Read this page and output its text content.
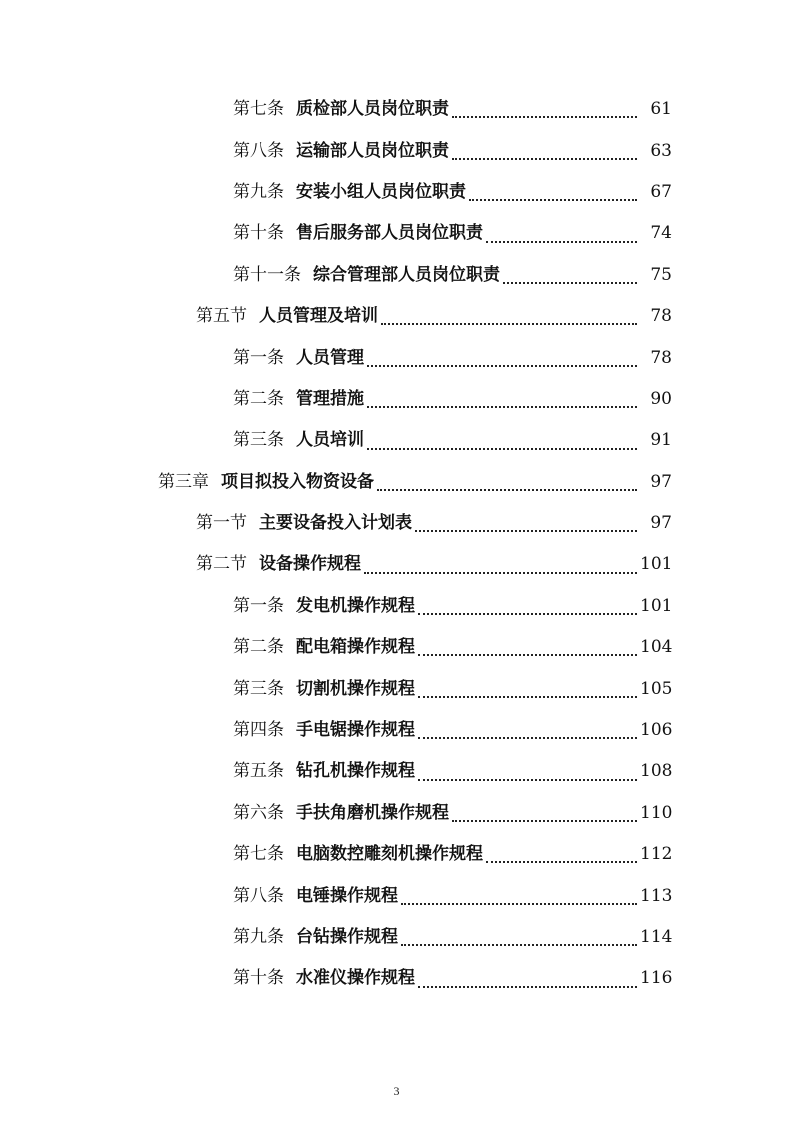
第七条 质检部人员岗位职责	61
第八条 运输部人员岗位职责	63
第九条 安装小组人员岗位职责	67
第十条 售后服务部人员岗位职责	74
第十一条 综合管理部人员岗位职责	75
第五节 人员管理及培训	78
第一条 人员管理	78
第二条 管理措施	90
第三条 人员培训	91
第三章 项目拟投入物资设备	97
第一节 主要设备投入计划表	97
第二节 设备操作规程	101
第一条 发电机操作规程	101
第二条 配电箱操作规程	104
第三条 切割机操作规程	105
第四条 手电锯操作规程	106
第五条 钻孔机操作规程	108
第六条 手扶角磨机操作规程	110
第七条 电脑数控雕刻机操作规程	112
第八条 电锤操作规程	113
第九条 台钻操作规程	114
第十条 水准仪操作规程	116
3
